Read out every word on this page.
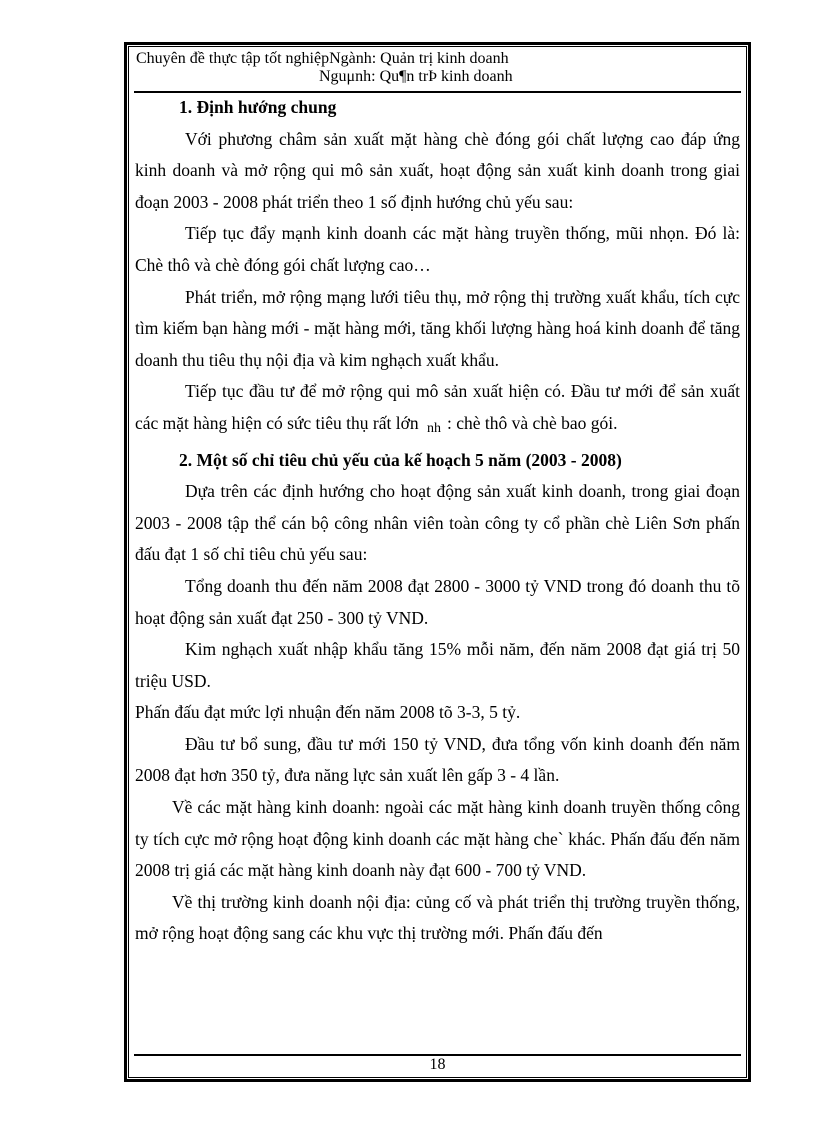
Chuyên đề thực tập tốt nghiệpNgành: Quản trị kinh doanh
Nguμnh: Qu¶n trÞ kinh doanh
1. Định hướng chung

Với phương châm sản xuất mặt hàng chè đóng gói chất lượng cao đáp ứng kinh doanh và mở rộng qui mô sản xuất, hoạt động sản xuất kinh doanh trong giai đoạn 2003 - 2008 phát triển theo 1 số định hướng chủ yếu sau:

Tiếp tục đẩy mạnh kinh doanh các mặt hàng truyền thống, mũi nhọn. Đó là: Chè thô và chè đóng gói chất lượng cao…

Phát triển, mở rộng mạng lưới tiêu thụ, mở rộng thị trường xuất khẩu, tích cực tìm kiếm bạn hàng mới - mặt hàng mới, tăng khối lượng hàng hoá kinh doanh để tăng doanh thu tiêu thụ nội địa và kim nghạch xuất khẩu.

Tiếp tục đầu tư để mở rộng qui mô sản xuất hiện có. Đầu tư mới để sản xuất các mặt hàng hiện có sức tiêu thụ rất lớn $_{nh}$ : chè thô và chè bao gói.

2. Một số chỉ tiêu chủ yếu của kế hoạch 5 năm (2003 - 2008)

Dựa trên các định hướng cho hoạt động sản xuất kinh doanh, trong giai đoạn 2003 - 2008 tập thể cán bộ công nhân viên toàn công ty cổ phần chè Liên Sơn phấn đấu đạt 1 số chỉ tiêu chủ yếu sau:

Tổng doanh thu đến năm 2008 đạt 2800 - 3000 tỷ VND trong đó doanh thu tõ hoạt động sản xuất đạt 250 - 300 tỷ VND.

Kim nghạch xuất nhập khẩu tăng 15% mỗi năm, đến năm 2008 đạt giá trị 50 triệu USD.

Phấn đấu đạt mức lợi nhuận đến năm 2008 tõ 3-3, 5 tỷ.

Đầu tư bổ sung, đầu tư mới 150 tỷ VND, đưa tổng vốn kinh doanh đến năm 2008 đạt hơn 350 tỷ, đưa năng lực sản xuất lên gấp 3 - 4 lần.

Về các mặt hàng kinh doanh: ngoài các mặt hàng kinh doanh truyền thống công ty tích cực mở rộng hoạt động kinh doanh các mặt hàng che` khác. Phấn đấu đến năm 2008 trị giá các mặt hàng kinh doanh này đạt 600 - 700 tỷ VND.

Về thị trường kinh doanh nội địa: củng cố và phát triển thị trường truyền thống, mở rộng hoạt động sang các khu vực thị trường mới. Phấn đấu đến

18
